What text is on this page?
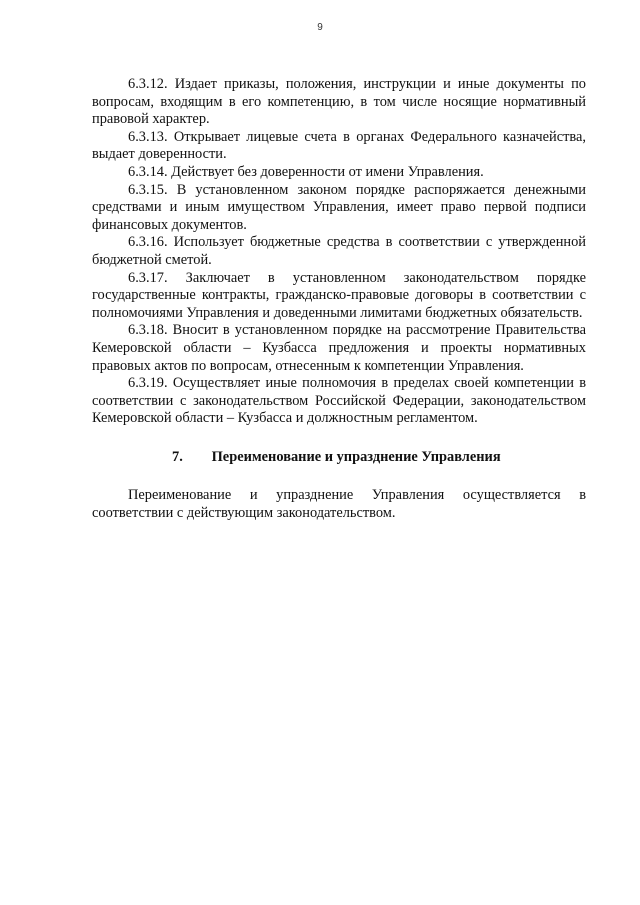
9

6.3.12. Издает приказы, положения, инструкции и иные документы по вопросам, входящим в его компетенцию, в том числе носящие нормативный правовой характер.

6.3.13. Открывает лицевые счета в органах Федерального казначейства, выдает доверенности.

6.3.14. Действует без доверенности от имени Управления.

6.3.15. В установленном законом порядке распоряжается денежными средствами и иным имуществом Управления, имеет право первой подписи финансовых документов.

6.3.16. Использует бюджетные средства в соответствии с утвержденной бюджетной сметой.

6.3.17. Заключает в установленном законодательством порядке государственные контракты, гражданско-правовые договоры в соответствии с полномочиями Управления и доведенными лимитами бюджетных обязательств.

6.3.18. Вносит в установленном порядке на рассмотрение Правительства Кемеровской области – Кузбасса предложения и проекты нормативных правовых актов по вопросам, отнесенным к компетенции Управления.

6.3.19. Осуществляет иные полномочия в пределах своей компетенции в соответствии с законодательством Российской Федерации, законодательством Кемеровской области – Кузбасса и должностным регламентом.

7. Переименование и упразднение Управления

Переименование и упразднение Управления осуществляется в соответствии с действующим законодательством.
